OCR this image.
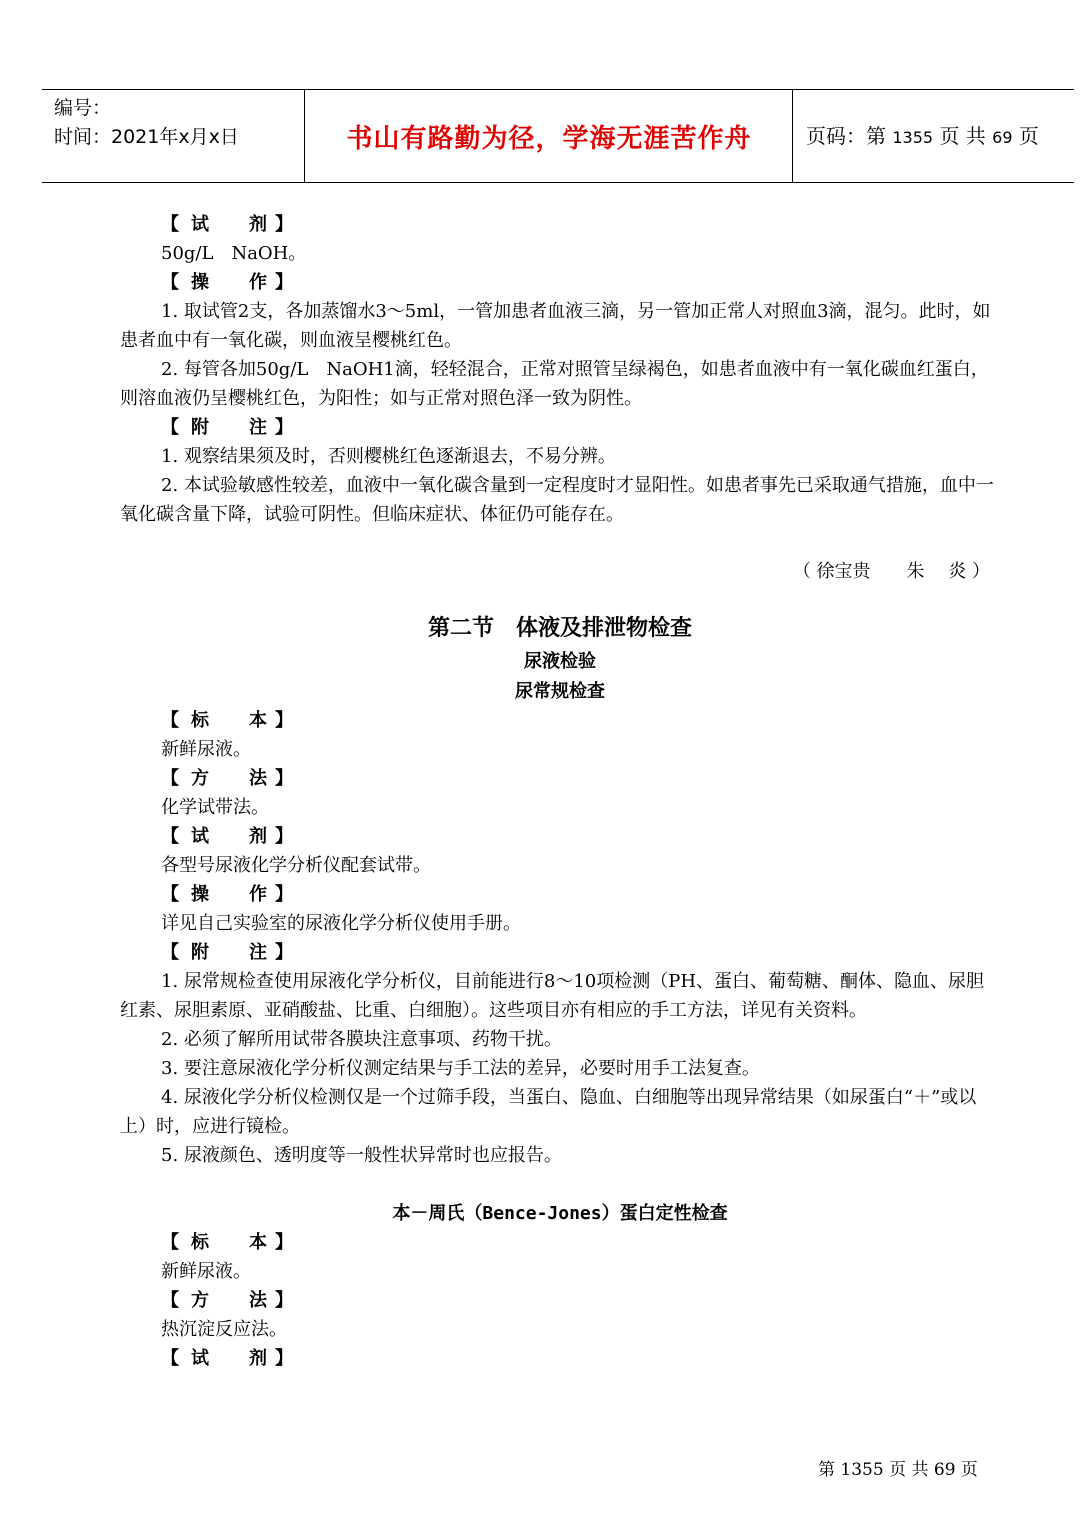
编号：
时间：2021年x月x日	书山有路勤为径，学海无涯苦作舟	页码：第 1355 页 共 69 页

【 试 剂 】

50g/L　NaOH。

【 操 作 】

1. 取试管2支，各加蒸馏水3～5ml，一管加患者血液三滴，另一管加正常人对照血3滴，混匀。此时，如患者血中有一氧化碳，则血液呈樱桃红色。

2. 每管各加50g/L　NaOH1滴，轻轻混合，正常对照管呈绿褐色，如患者血液中有一氧化碳血红蛋白，则溶血液仍呈樱桃红色，为阳性；如与正常对照色泽一致为阴性。

【 附 注 】

1. 观察结果须及时，否则樱桃红色逐渐退去，不易分辨。

2. 本试验敏感性较差，血液中一氧化碳含量到一定程度时才显阳性。如患者事先已采取通气措施，血中一氧化碳含量下降，试验可阴性。但临床症状、体征仍可能存在。

（ 徐宝贵　　朱　 炎 ）

第二节　体液及排泄物检查

尿液检验

尿常规检查

【 标 本 】

新鲜尿液。

【 方 法 】

化学试带法。

【 试 剂 】

各型号尿液化学分析仪配套试带。

【 操 作 】

详见自己实验室的尿液化学分析仪使用手册。

【 附 注 】

1. 尿常规检查使用尿液化学分析仪，目前能进行8～10项检测（PH、蛋白、葡萄糖、酮体、隐血、尿胆红素、尿胆素原、亚硝酸盐、比重、白细胞）。这些项目亦有相应的手工方法，详见有关资料。

2. 必须了解所用试带各膜块注意事项、药物干扰。

3. 要注意尿液化学分析仪测定结果与手工法的差异，必要时用手工法复查。

4. 尿液化学分析仪检测仅是一个过筛手段，当蛋白、隐血、白细胞等出现异常结果（如尿蛋白“＋”或以上）时，应进行镜检。

5. 尿液颜色、透明度等一般性状异常时也应报告。

本－周氏（Bence-Jones）蛋白定性检查

【 标 本 】

新鲜尿液。

【 方 法 】

热沉淀反应法。

【 试 剂 】

第 1355 页 共 69 页
